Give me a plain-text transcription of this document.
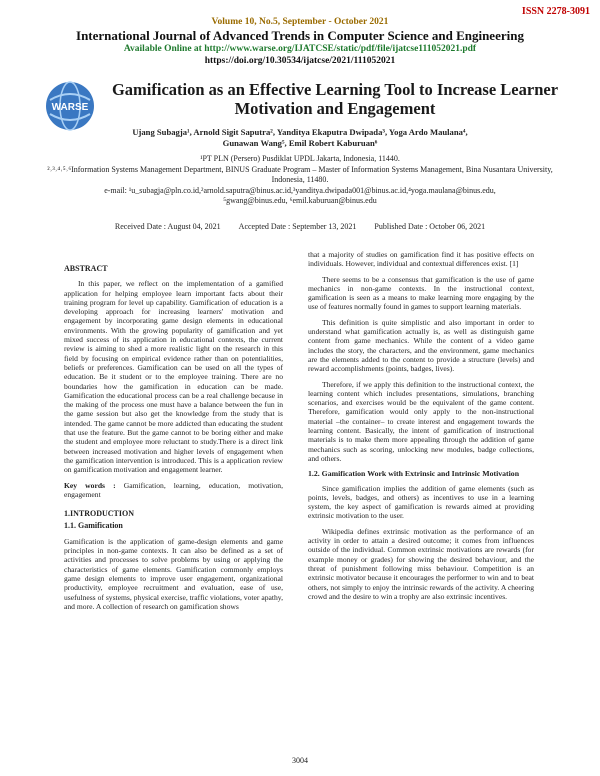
ISSN 2278-3091
Volume 10, No.5, September - October 2021
International Journal of Advanced Trends in Computer Science and Engineering
Available Online at http://www.warse.org/IJATCSE/static/pdf/file/ijatcse111052021.pdf
https://doi.org/10.30534/ijatcse/2021/111052021
WARSE
Gamification as an Effective Learning Tool to Increase Learner Motivation and Engagement
Ujang Subagja¹, Arnold Sigit Saputra², Yanditya Ekaputra Dwipada³, Yoga Ardo Maulana⁴,
Gunawan Wang⁵, Emil Robert Kaburuan⁶
¹PT PLN (Persero) Pusdiklat UPDL Jakarta, Indonesia, 11440.
²˒³˒⁴˒⁵˒⁶Information Systems Management Department, BINUS Graduate Program – Master of Information Systems Management, Bina Nusantara University, Indonesia, 11480.
e-mail: ¹u_subagja@pln.co.id,²arnold.saputra@binus.ac.id,³yanditya.dwipada001@binus.ac.id,⁴yoga.maulana@binus.edu,
⁵gwang@binus.edu, ⁶emil.kaburuan@binus.edu
Received Date : August 04, 2021 Accepted Date : September 13, 2021 Published Date : October 06, 2021
ABSTRACT

In this paper, we reflect on the implementation of a gamified application for helping employee learn important facts about their training program for level up capability. Gamification of education is a developing approach for increasing learners' motivation and engagement by incorporating game design elements in educational environments. With the growing popularity of gamification and yet mixed success of its application in educational contexts, the current review is aiming to shed a more realistic light on the research in this field by focusing on empirical evidence rather than on potentialities, beliefs or preferences. Gamification can be used on all the types of education. Be it student or to the employee training. There are no boundaries how the gamification in education can be made. Gamification the educational process can be a real challenge because in the making of the process one must have a balance between the fun in the game session but also get the knowledge from the study that is intended. The game cannot be more addicted than educating the student that use the feature. But the game cannot to be boring either and make the student and employee more reluctant to study.There is a direct link between increased motivation and higher levels of engagement when the gamification intervention is introduced. This is a application review on gamification motivation and engagement learner.

Key words : Gamification, learning, education, motivation, engagement

1.INTRODUCTION
1.1. Gamification

Gamification is the application of game-design elements and game principles in non-game contexts. It can also be defined as a set of activities and processes to solve problems by using or applying the characteristics of game elements. Gamification commonly employs game design elements to improve user engagement, organizational productivity, employee recruitment and evaluation, ease of use, usefulness of systems, physical exercise, traffic violations, voter apathy, and more. A collection of research on gamification shows

that a majority of studies on gamification find it has positive effects on individuals. However, individual and contextual differences exist. [1]

There seems to be a consensus that gamification is the use of game mechanics in non-game contexts. In the instructional context, gamification is seen as a means to make learning more engaging by the use of features normally found in games to support learning materials.

This definition is quite simplistic and also important in order to understand what gamification actually is, as well as distinguish game content from game mechanics. While the content of a video game includes the story, the characters, and the environment, game mechanics are the elements added to the content to provide a structure (levels) and reward accomplishments (points, badges, lives).

Therefore, if we apply this definition to the instructional context, the learning content which includes presentations, simulations, branching scenarios, and exercises would be the equivalent of the game content. Therefore, gamification would only apply to the non-instructional material –the container– to create interest and engagement towards the learning content. Basically, the intent of gamification of instructional materials is to make them more appealing through the addition of game mechanics such as scoring, unlocking new modules, badge collections, and others.

1.2. Gamification Work with Extrinsic and Intrinsic Motivation

Since gamification implies the addition of game elements (such as points, levels, badges, and others) as incentives to use in a learning system, the key aspect of gamification is rewards aimed at providing extrinsic motivation to the user.

Wikipedia defines extrinsic motivation as the performance of an activity in order to attain a desired outcome; it comes from influences outside of the individual. Common extrinsic motivations are rewards (for example money or grades) for showing the desired behaviour, and the threat of punishment following miss behaviour. Competition is an extrinsic motivator because it encourages the performer to win and to beat others, not simply to enjoy the intrinsic rewards of the activity. A cheering crowd and the desire to win a trophy are also extrinsic incentives.

3004
